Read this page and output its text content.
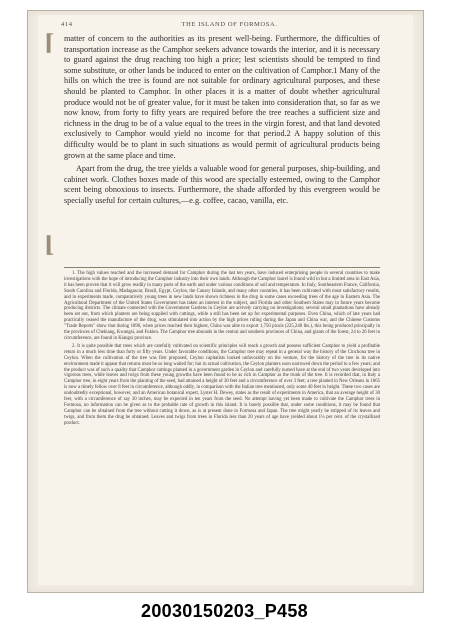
414	THE ISLAND OF FORMOSA.
⌈
⌊

matter of concern to the authorities as its present well-being. Furthermore, the difficulties of transportation increase as the Camphor seekers advance towards the interior, and it is necessary to guard against the drug reaching too high a price; lest scientists should be tempted to find some substitute, or other lands be induced to enter on the cultivation of Camphor.1 Many of the hills on which the tree is found are not suitable for ordinary agricultural purposes, and these should be planted to Camphor. In other places it is a matter of doubt whether agricultural produce would not be of greater value, for it must be taken into consideration that, so far as we now know, from forty to fifty years are required before the tree reaches a sufficient size and richness in the drug to be of a value equal to the trees in the virgin forest, and that land devoted exclusively to Camphor would yield no income for that period.2 A happy solution of this difficulty would be to plant in such situations as would permit of agricultural products being grown at the same place and time.

Apart from the drug, the tree yields a valuable wood for general purposes, ship-building, and cabinet work. Clothes boxes made of this wood are specially esteemed, owing to the Camphor scent being obnoxious to insects. Furthermore, the shade afforded by this evergreen would be specially useful for certain cultures,—e.g. coffee, cacao, vanilla, etc.

1. The high values reached and the increased demand for Camphor during the last ten years, have induced enterprising people in several countries to make investigations with the hope of introducing the Camphor industry into their own lands. Although the Camphor laurel is found wild in but a limited area in East Asia, it has been proven that it will grow readily in many parts of the earth and under various conditions of soil and temperature. In Italy, Southeastern France, California, South Carolina and Florida, Madagascar, Brazil, Egypt, Ceylon, the Canary Islands, and many other countries, it has been cultivated with most satisfactory results, and in experiments made, comparatively young trees in new lands have shown richness in the drug in some cases exceeding trees of the age in Eastern Asia. The Agricultural Department of the United States Government has taken an interest in the subject, and Florida and other Southern States may in future years become producing districts. The climate connected with the Government Gardens in Ceylon are actively carrying on investigations; several small plantations have already been set out, from which planters are being supplied with cuttings, while a still has been set up for experimental purposes. Even China, which of late years had practically ceased the manufacture of the drug, was stimulated into action by the high prices ruling during the Japan and China war, and the Chinese Customs "Trade Reports" show that during 1896, when prices reached their highest, China was able to export 1,750 piculs (225,240 lbs.), this being produced principally in the provinces of Chekiang, Kwangsi, and Fukien. The Camphor tree abounds in the central and southern provinces of China, and giants of the forest, 24 to 26 feet in circumference, are found in Kiangsi province.

2. It is quite possible that trees which are carefully cultivated on scientific principles will reach a growth and possess sufficient Camphor to yield a profitable return in a much less time than forty or fifty years. Under favorable conditions, the Camphor tree may repeat in a general way the history of the Cinchona tree in Ceylon. When the cultivation of the tree was first proposed, Ceylon capitalists looked unfavorably on the venture, for the history of the tree in its native environment made it appear that returns must be so long waited for; but in actual cultivation, the Ceylon planters soon narrowed down the period to a few years; and the product was of such a quality that Camphor cuttings planted in a government garden in Ceylon and carefully nursed have at the end of two years developed into vigorous trees, while leaves and twigs from these young growths have been found to be as rich in Camphor as the trunk of the tree. It is recorded that, in Italy a Camphor tree, in eight years from the planting of the seed, had attained a height of 30 feet and a circumference of over 3 feet; a tree planted in New Orleans in 1865 is now a timely fellow over 8 feet in circumference, although oddly, in comparison with the Italian tree mentioned, only some 40 feet in height. These two cases are undoubtedly exceptional, however, and an American botanical expert, Lyster H. Dewey, states as the result of experiments in America, that an average height of 30 feet, with a circumference of say 30 inches, may be expected in ten years from the seed. No attempt having yet been made to cultivate the Camphor trees in Formosa, no information can be given as to the probable rate of growth in this island. It is barely possible that, under some conditions, it may be found that Camphor can be obtained from the tree without cutting it down, as is at present done in Formosa and Japan. The tree might yearly be stripped of its leaves and twigs, and from them the drug be obtained. Leaves and twigs from trees in Florida less than 20 years of age have yielded about 1¼ per cent. of the crystallized product.

20030150203_P458
